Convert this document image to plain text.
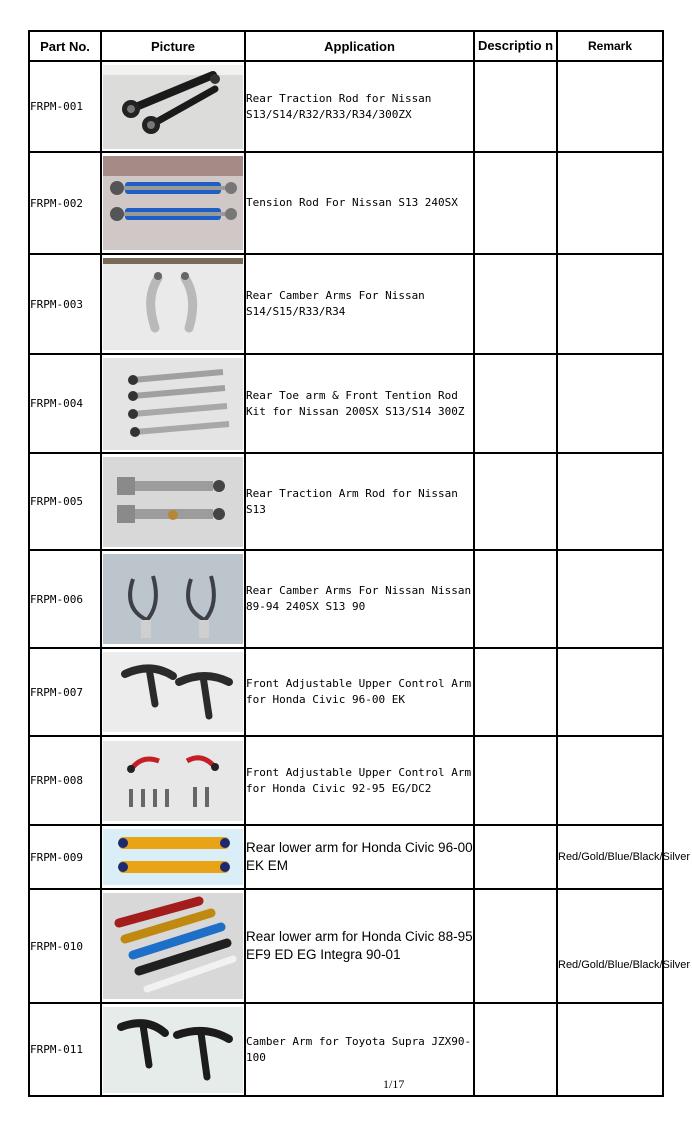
Part No.	Picture	Application	Descriptio n	Remark
FRPM-001		Rear Traction Rod for Nissan S13/S14/R32/R33/R34/300ZX		
FRPM-002		Tension Rod For Nissan S13 240SX		
FRPM-003		Rear Camber Arms For Nissan S14/S15/R33/R34		
FRPM-004		Rear Toe arm & Front Tention Rod Kit for Nissan 200SX S13/S14 300Z		
FRPM-005		Rear Traction Arm Rod for Nissan S13		
FRPM-006		Rear Camber Arms For Nissan Nissan 89-94 240SX S13 90		
FRPM-007		Front Adjustable Upper Control Arm for Honda Civic 96-00 EK		
FRPM-008		Front Adjustable Upper Control Arm for Honda Civic 92-95 EG/DC2		
FRPM-009		Rear lower arm for Honda Civic 96-00 EK EM		Red/Gold/Blue/Black/Silver
FRPM-010		Rear lower arm for Honda Civic 88-95 EF9 ED EG Integra 90-01		Red/Gold/Blue/Black/Silver
FRPM-011		Camber Arm for Toyota Supra JZX90-100		
1/17
